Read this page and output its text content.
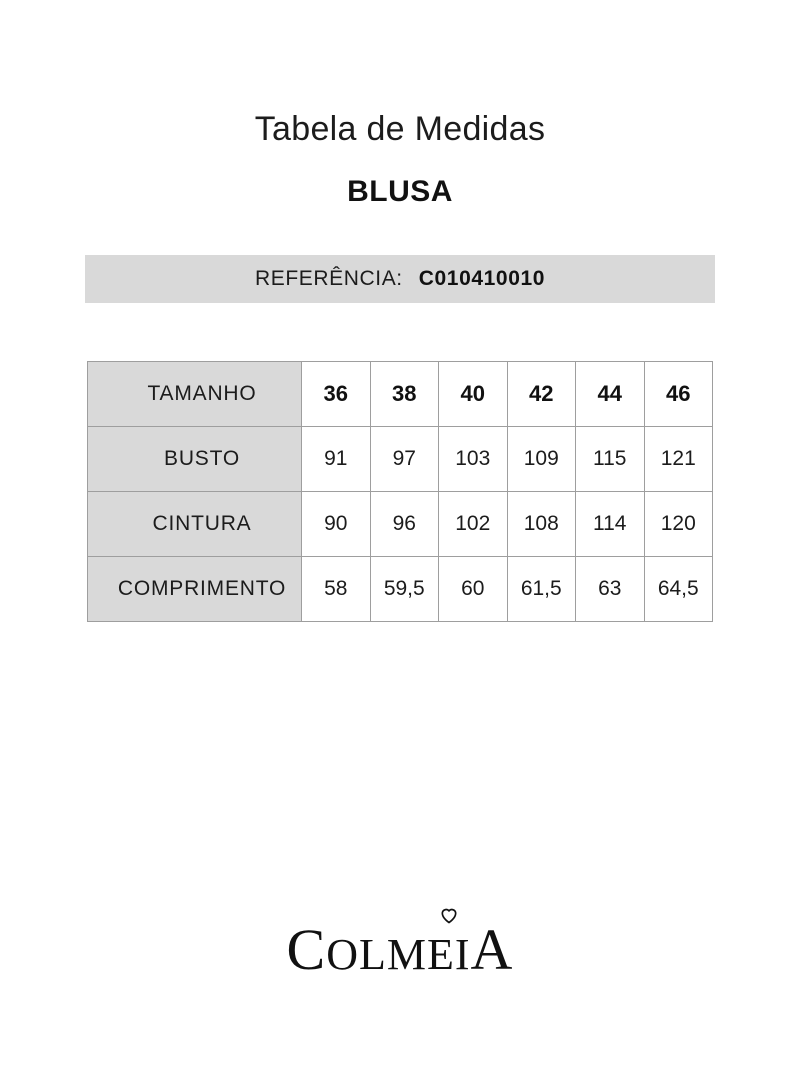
Tabela de Medidas
BLUSA
REFERÊNCIA: C010410010
TAMANHO	36	38	40	42	44	46
BUSTO	91	97	103	109	115	121
CINTURA	90	96	102	108	114	120
COMPRIMENTO	58	59,5	60	61,5	63	64,5
COLMEIA
